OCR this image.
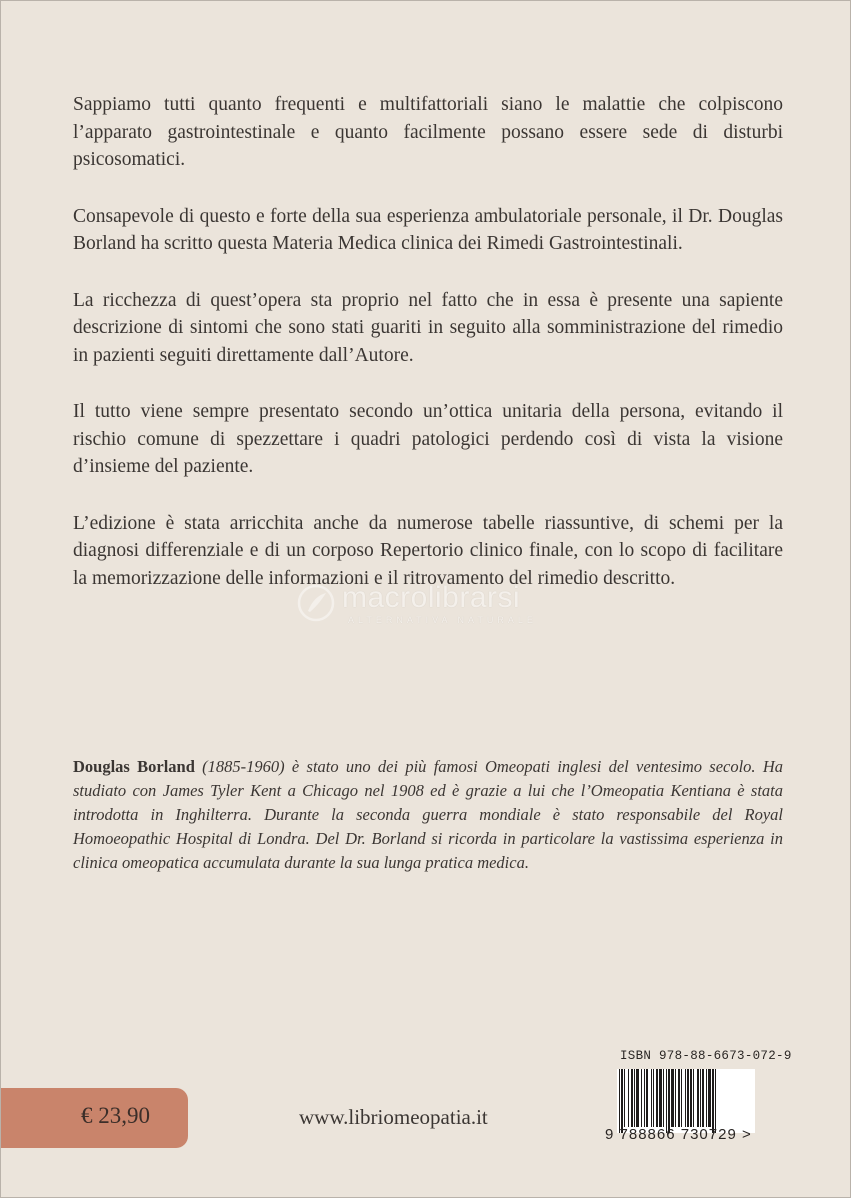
Sappiamo tutti quanto frequenti e multifattoriali siano le malattie che colpiscono l’apparato gastrointestinale e quanto facilmente possano essere sede di disturbi psicosomatici.

Consapevole di questo e forte della sua esperienza ambulatoriale personale, il Dr. Douglas Borland ha scritto questa Materia Medica clinica dei Rimedi Gastrointestinali.

La ricchezza di quest’opera sta proprio nel fatto che in essa è presente una sapiente descrizione di sintomi che sono stati guariti in seguito alla somministrazione del rimedio in pazienti seguiti direttamente dall’Autore.

Il tutto viene sempre presentato secondo un’ottica unitaria della persona, evitando il rischio comune di spezzettare i quadri patologici perdendo così di vista la visione d’insieme del paziente.

L’edizione è stata arricchita anche da numerose tabelle riassuntive, di schemi per la diagnosi differenziale e di un corposo Repertorio clinico finale, con lo scopo di facilitare la memorizzazione delle informazioni e il ritrovamento del rimedio descritto.

macrolibrarsi
ALTERNATIVA NATURALE
Douglas Borland (1885-1960) è stato uno dei più famosi Omeopati inglesi del ventesimo secolo. Ha studiato con James Tyler Kent a Chicago nel 1908 ed è grazie a lui che l’Omeopatia Kentiana è stata introdotta in Inghilterra. Durante la seconda guerra mondiale è stato responsabile del Royal Homoeopathic Hospital di Londra. Del Dr. Borland si ricorda in particolare la vastissima esperienza in clinica omeopatica accumulata durante la sua lunga pratica medica.
€ 23,90	www.libriomeopatia.it
ISBN 978-88-6673-072-9
9 788866 730729 >
